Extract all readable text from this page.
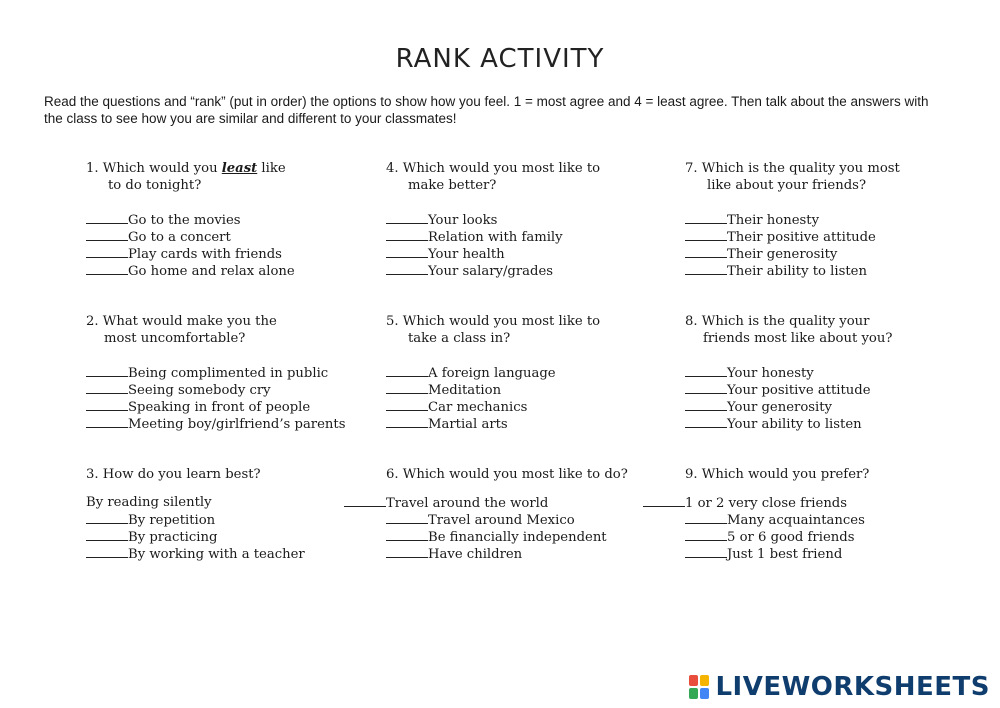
RANK ACTIVITY
Read the questions and “rank” (put in order) the options to show how you feel. 1 = most agree and 4 = least agree. Then talk about the answers with the class to see how you are similar and different to your classmates!
1. Which would you least like
to do tonight?
Go to the movies
Go to a concert
Play cards with friends
Go home and relax alone
4. Which would you most like to
make better?
Your looks
Relation with family
Your health
Your salary/grades
7. Which is the quality you most
like about your friends?
Their honesty
Their positive attitude
Their generosity
Their ability to listen
2. What would make you the
most uncomfortable?
Being complimented in public
Seeing somebody cry
Speaking in front of people
Meeting boy/girlfriend’s parents
5. Which would you most like to
take a class in?
A foreign language
Meditation
Car mechanics
Martial arts
8. Which is the quality your
friends most like about you?
Your honesty
Your positive attitude
Your generosity
Your ability to listen
3. How do you learn best?
By reading silently
By repetition
By practicing
By working with a teacher
6. Which would you most like to do?
Travel around the world
Travel around Mexico
Be financially independent
Have children
9. Which would you prefer?
1 or 2 very close friends
Many acquaintances
5 or 6 good friends
Just 1 best friend
LIVEWORKSHEETS
